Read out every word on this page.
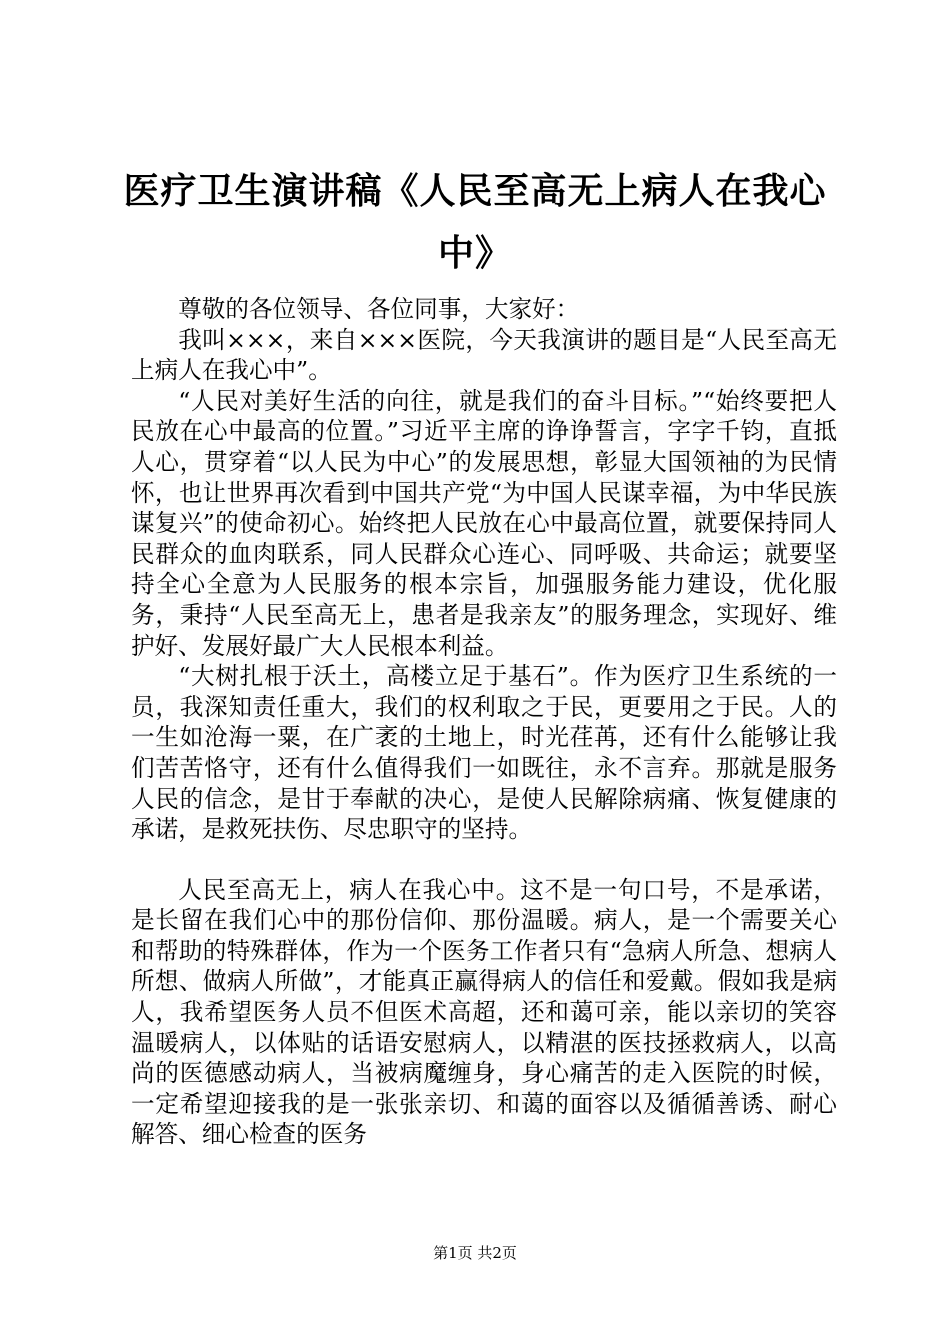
医疗卫生演讲稿《人民至高无上病人在我心中》

尊敬的各位领导、各位同事，大家好：

我叫×××，来自×××医院，今天我演讲的题目是“人民至高无上病人在我心中”。

“人民对美好生活的向往，就是我们的奋斗目标。”“始终要把人民放在心中最高的位置。”习近平主席的诤诤誓言，字字千钧，直抵人心，贯穿着“以人民为中心”的发展思想，彰显大国领袖的为民情怀，也让世界再次看到中国共产党“为中国人民谋幸福，为中华民族谋复兴”的使命初心。始终把人民放在心中最高位置，就要保持同人民群众的血肉联系，同人民群众心连心、同呼吸、共命运；就要坚持全心全意为人民服务的根本宗旨，加强服务能力建设，优化服务，秉持“人民至高无上，患者是我亲友”的服务理念，实现好、维护好、发展好最广大人民根本利益。

“大树扎根于沃土，高楼立足于基石”。作为医疗卫生系统的一员，我深知责任重大，我们的权利取之于民，更要用之于民。人的一生如沧海一粟，在广袤的土地上，时光荏苒，还有什么能够让我们苦苦恪守，还有什么值得我们一如既往，永不言弃。那就是服务人民的信念，是甘于奉献的决心，是使人民解除病痛、恢复健康的承诺，是救死扶伤、尽忠职守的坚持。

人民至高无上，病人在我心中。这不是一句口号，不是承诺，是长留在我们心中的那份信仰、那份温暖。病人，是一个需要关心和帮助的特殊群体，作为一个医务工作者只有“急病人所急、想病人所想、做病人所做”，才能真正赢得病人的信任和爱戴。假如我是病人，我希望医务人员不但医术高超，还和蔼可亲，能以亲切的笑容温暖病人，以体贴的话语安慰病人，以精湛的医技拯救病人，以高尚的医德感动病人，当被病魔缠身，身心痛苦的走入医院的时候，一定希望迎接我的是一张张亲切、和蔼的面容以及循循善诱、耐心解答、细心检查的医务

第1页 共2页
